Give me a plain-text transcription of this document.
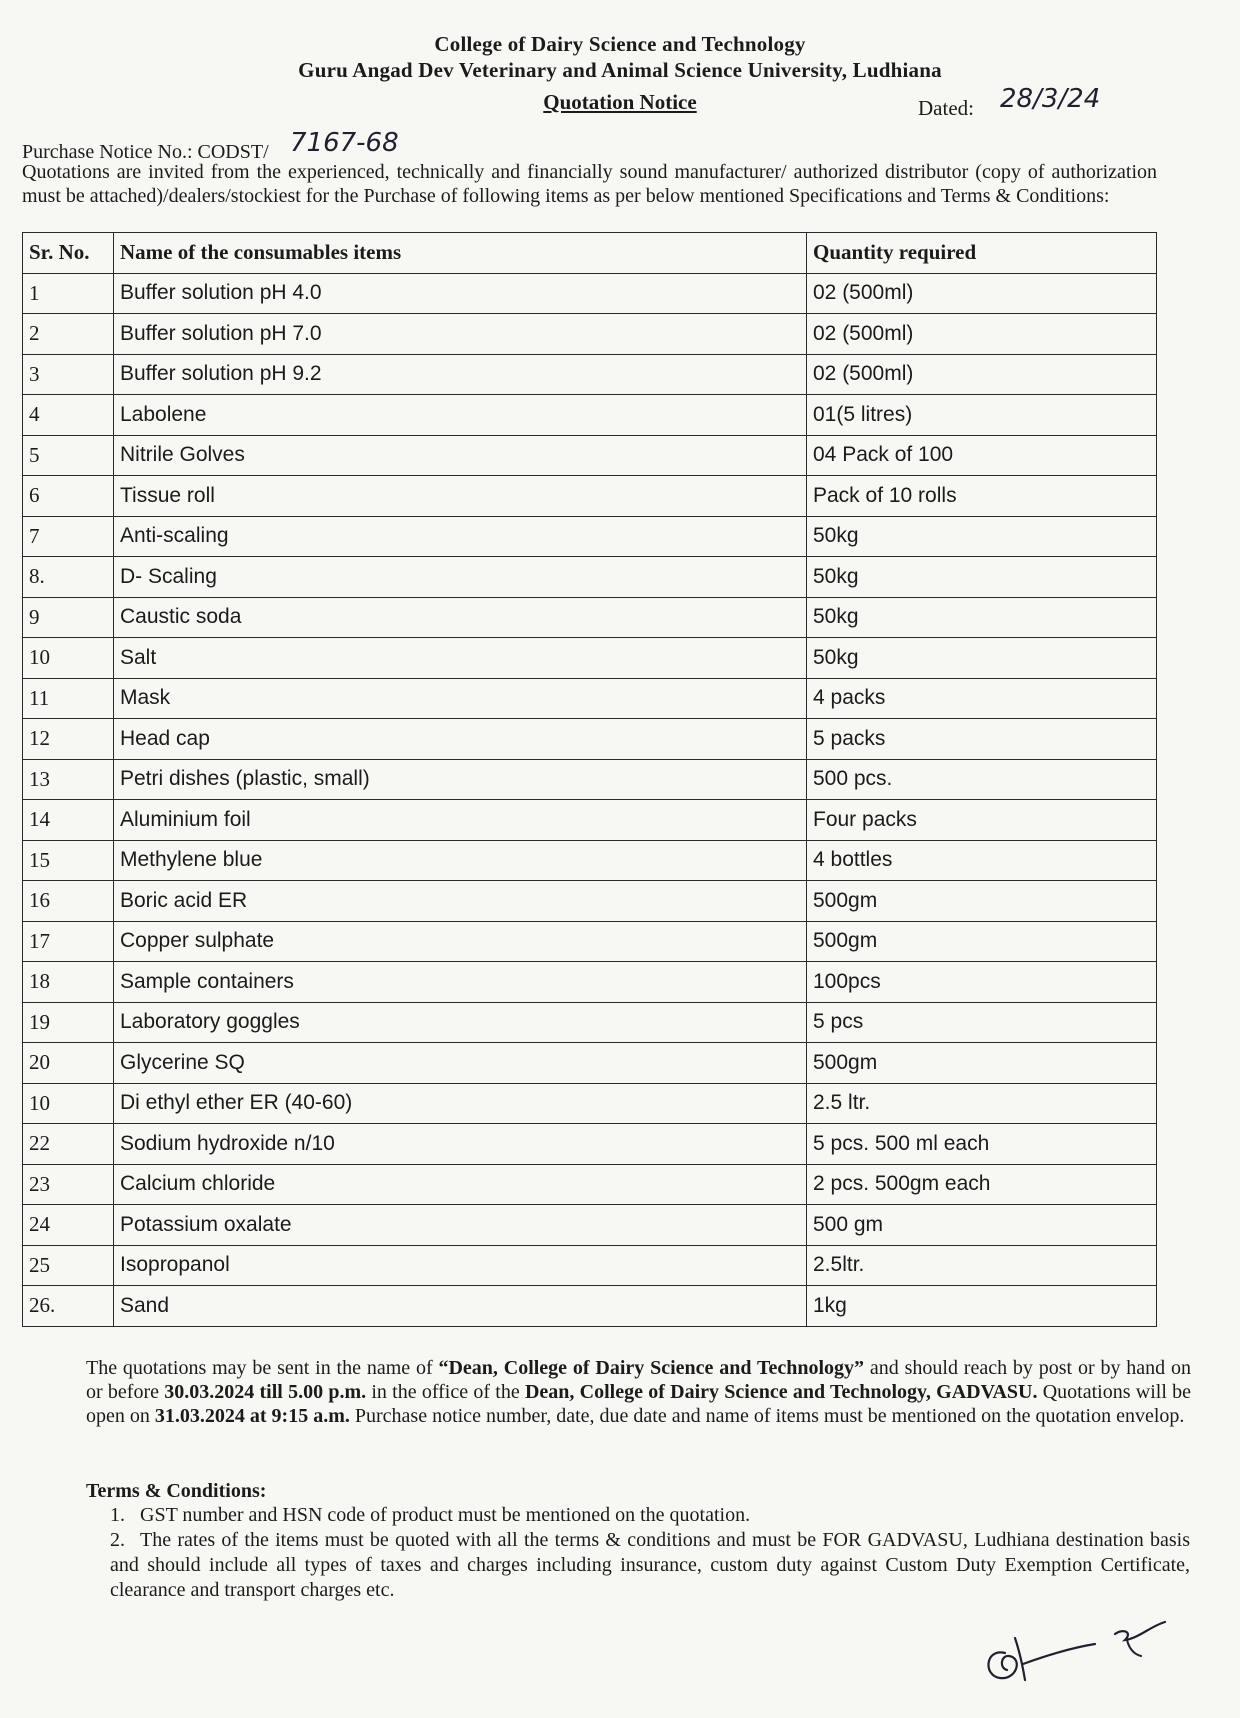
College of Dairy Science and Technology
Guru Angad Dev Veterinary and Animal Science University, Ludhiana
Quotation Notice	Dated: 28/3/24
Purchase Notice No.: CODST/ 7167-68
Quotations are invited from the experienced, technically and financially sound manufacturer/ authorized distributor (copy of authorization must be attached)/dealers/stockiest for the Purchase of following items as per below mentioned Specifications and Terms & Conditions:
Sr. No.	Name of the consumables items	Quantity required
1	Buffer solution pH 4.0	02 (500ml)
2	Buffer solution pH 7.0	02 (500ml)
3	Buffer solution pH 9.2	02 (500ml)
4	Labolene	01(5 litres)
5	Nitrile Golves	04 Pack of 100
6	Tissue roll	Pack of 10 rolls
7	Anti-scaling	50kg
8.	D- Scaling	50kg
9	Caustic soda	50kg
10	Salt	50kg
11	Mask	4 packs
12	Head cap	5 packs
13	Petri dishes (plastic, small)	500 pcs.
14	Aluminium foil	Four packs
15	Methylene blue	4 bottles
16	Boric acid ER	500gm
17	Copper sulphate	500gm
18	Sample containers	100pcs
19	Laboratory goggles	5 pcs
20	Glycerine SQ	500gm
10	Di ethyl ether ER (40-60)	2.5 ltr.
22	Sodium hydroxide n/10	5 pcs. 500 ml each
23	Calcium chloride	2 pcs. 500gm each
24	Potassium oxalate	500 gm
25	Isopropanol	2.5ltr.
26.	Sand	1kg
The quotations may be sent in the name of “Dean, College of Dairy Science and Technology” and should reach by post or by hand on or before 30.03.2024 till 5.00 p.m. in the office of the Dean, College of Dairy Science and Technology, GADVASU. Quotations will be open on 31.03.2024 at 9:15 a.m. Purchase notice number, date, due date and name of items must be mentioned on the quotation envelop.
Terms & Conditions:
1. GST number and HSN code of product must be mentioned on the quotation.
2. The rates of the items must be quoted with all the terms & conditions and must be FOR GADVASU, Ludhiana destination basis and should include all types of taxes and charges including insurance, custom duty against Custom Duty Exemption Certificate, clearance and transport charges etc.
